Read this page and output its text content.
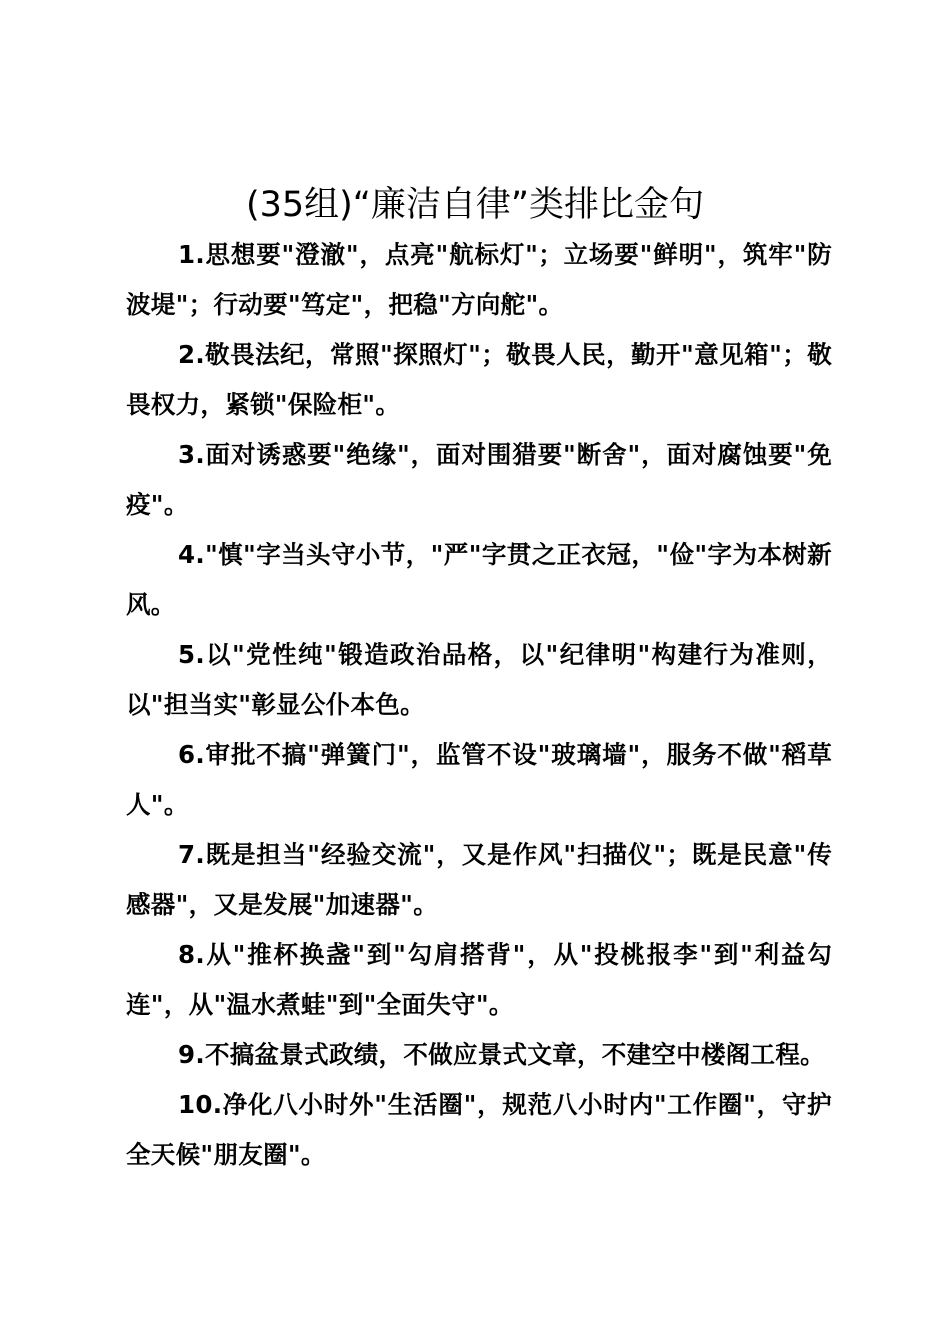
(35组)“廉洁自律”类排比金句

1.思想要"澄澈"，点亮"航标灯"；立场要"鲜明"，筑牢"防波堤"；行动要"笃定"，把稳"方向舵"。

2.敬畏法纪，常照"探照灯"；敬畏人民，勤开"意见箱"；敬畏权力，紧锁"保险柜"。

3.面对诱惑要"绝缘"，面对围猎要"断舍"，面对腐蚀要"免疫"。

4."慎"字当头守小节，"严"字贯之正衣冠，"俭"字为本树新风。

5.以"党性纯"锻造政治品格，以"纪律明"构建行为准则，以"担当实"彰显公仆本色。

6.审批不搞"弹簧门"，监管不设"玻璃墙"，服务不做"稻草人"。

7.既是担当"经验交流"，又是作风"扫描仪"；既是民意"传感器"，又是发展"加速器"。

8.从"推杯换盏"到"勾肩搭背"，从"投桃报李"到"利益勾连"，从"温水煮蛙"到"全面失守"。

9.不搞盆景式政绩，不做应景式文章，不建空中楼阁工程。

10.净化八小时外"生活圈"，规范八小时内"工作圈"，守护全天候"朋友圈"。
